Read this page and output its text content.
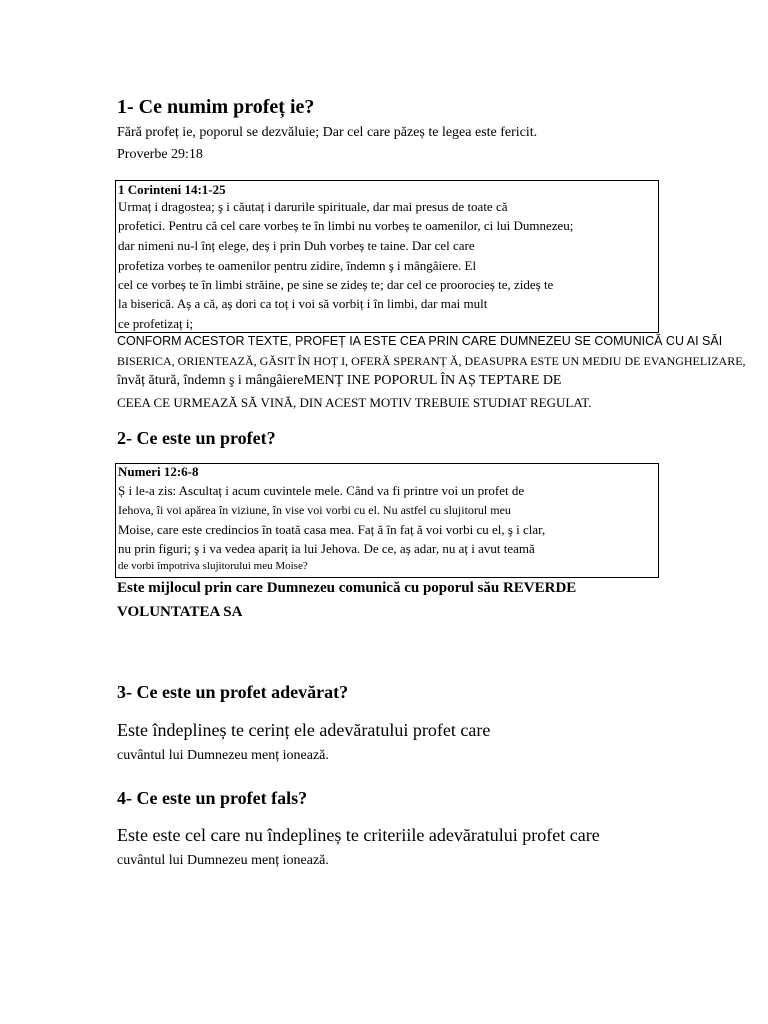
1- Ce numim profeț ie?
Fără profeț ie, poporul se dezvăluie; Dar cel care păzeș te legea este fericit.
Proverbe 29:18
1 Corinteni 14:1-25
Urmaț i dragostea; ş i căutaț i darurile spirituale, dar mai presus de toate că
profetici. Pentru că cel care vorbeș te în limbi nu vorbeș te oamenilor, ci lui Dumnezeu;
dar nimeni nu-l înț elege, deș i prin Duh vorbeș te taine. Dar cel care
profetiza vorbeș te oamenilor pentru zidire, îndemn ş i mângâiere. El
cel ce vorbeș te în limbi străine, pe sine se zideș te; dar cel ce proorocieș te, zideș te
la biserică. Aș a că, aș dori ca toț i voi să vorbiț i în limbi, dar mai mult
ce profetizaț i;
CONFORM ACESTOR TEXTE, PROFEȚ IA ESTE CEA PRIN CARE DUMNEZEU SE COMUNICĂ CU AI SĂI
BISERICA, ORIENTEAZĂ, GĂSIT ÎN HOȚ I, OFERĂ SPERANȚ Ă, DEASUPRA ESTE UN MEDIU DE EVANGHELIZARE,
învăț ătură, îndemn ş i mângâiereMENȚ INE POPORUL ÎN AȘ TEPTARE DE
CEEA CE URMEAZĂ SĂ VINĂ, DIN ACEST MOTIV TREBUIE STUDIAT REGULAT.
2- Ce este un profet?
Numeri 12:6-8
Ș i le-a zis: Ascultaț i acum cuvintele mele. Când va fi printre voi un profet de
Iehova, îi voi apărea în viziune, în vise voi vorbi cu el. Nu astfel cu slujitorul meu
Moise, care este credincios în toată casa mea. Faț ă în faț ă voi vorbi cu el, ş i clar,
nu prin figuri; ş i va vedea apariț ia lui Jehova. De ce, aș adar, nu aț i avut teamă
de vorbi împotriva slujitorului meu Moise?
Este mijlocul prin care Dumnezeu comunică cu poporul său REVERDE
VOLUNTATEA SA
3- Ce este un profet adevărat?
Este îndeplineș te cerinț ele adevăratului profet care
cuvântul lui Dumnezeu menț ionează.
4- Ce este un profet fals?
Este este cel care nu îndeplineș te criteriile adevăratului profet care
cuvântul lui Dumnezeu menț ionează.
